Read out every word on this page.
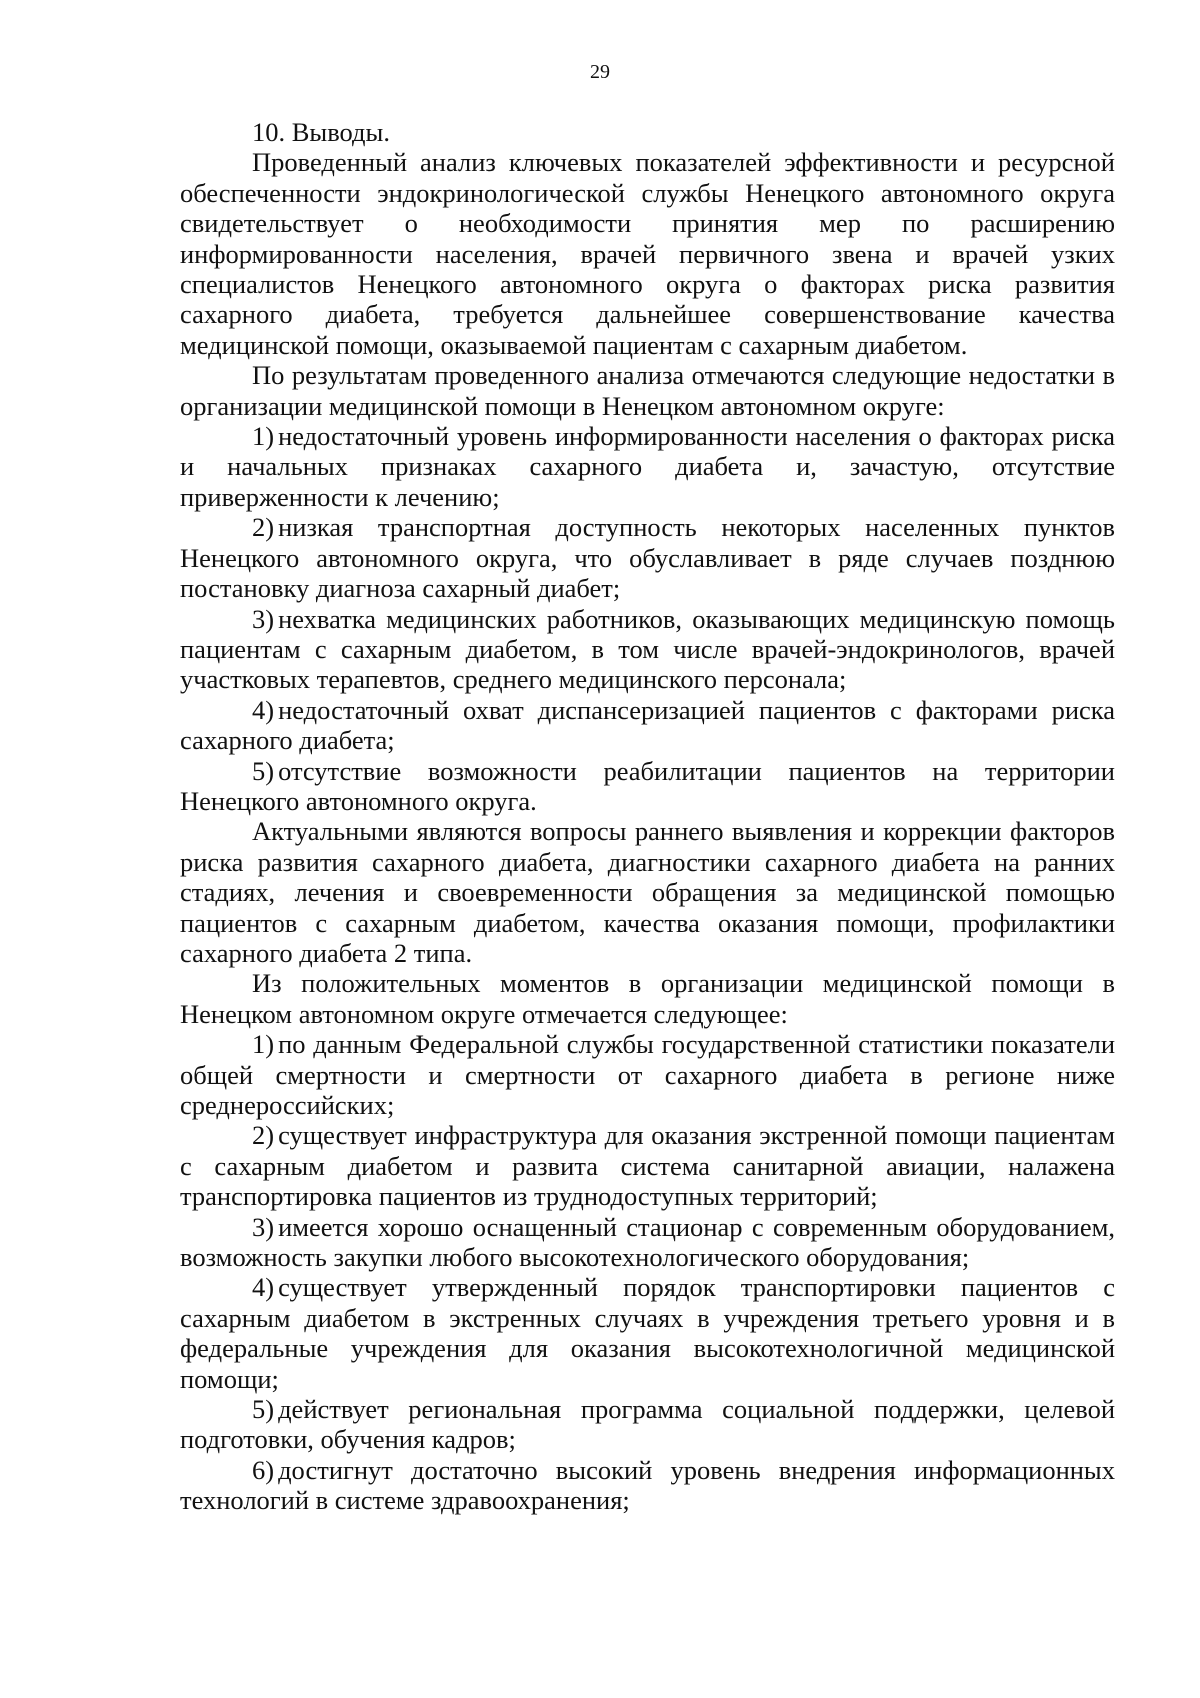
29

10. Выводы.

Проведенный анализ ключевых показателей эффективности и ресурсной обеспеченности эндокринологической службы Ненецкого автономного округа свидетельствует о необходимости принятия мер по расширению информированности населения, врачей первичного звена и врачей узких специалистов Ненецкого автономного округа о факторах риска развития сахарного диабета, требуется дальнейшее совершенствование качества медицинской помощи, оказываемой пациентам с сахарным диабетом.

По результатам проведенного анализа отмечаются следующие недостатки в организации медицинской помощи в Ненецком автономном округе:

1) недостаточный уровень информированности населения о факторах риска и начальных признаках сахарного диабета и, зачастую, отсутствие приверженности к лечению;

2) низкая транспортная доступность некоторых населенных пунктов Ненецкого автономного округа, что обуславливает в ряде случаев позднюю постановку диагноза сахарный диабет;

3) нехватка медицинских работников, оказывающих медицинскую помощь пациентам с сахарным диабетом, в том числе врачей-эндокринологов, врачей участковых терапевтов, среднего медицинского персонала;

4) недостаточный охват диспансеризацией пациентов с факторами риска сахарного диабета;

5) отсутствие возможности реабилитации пациентов на территории Ненецкого автономного округа.

Актуальными являются вопросы раннего выявления и коррекции факторов риска развития сахарного диабета, диагностики сахарного диабета на ранних стадиях, лечения и своевременности обращения за медицинской помощью пациентов с сахарным диабетом, качества оказания помощи, профилактики сахарного диабета 2 типа.

Из положительных моментов в организации медицинской помощи в Ненецком автономном округе отмечается следующее:

1) по данным Федеральной службы государственной статистики показатели общей смертности и смертности от сахарного диабета в регионе ниже среднероссийских;

2) существует инфраструктура для оказания экстренной помощи пациентам с сахарным диабетом и развита система санитарной авиации, налажена транспортировка пациентов из труднодоступных территорий;

3) имеется хорошо оснащенный стационар с современным оборудованием, возможность закупки любого высокотехнологического оборудования;

4) существует утвержденный порядок транспортировки пациентов с сахарным диабетом в экстренных случаях в учреждения третьего уровня и в федеральные учреждения для оказания высокотехнологичной медицинской помощи;

5) действует региональная программа социальной поддержки, целевой подготовки, обучения кадров;

6) достигнут достаточно высокий уровень внедрения информационных технологий в системе здравоохранения;
